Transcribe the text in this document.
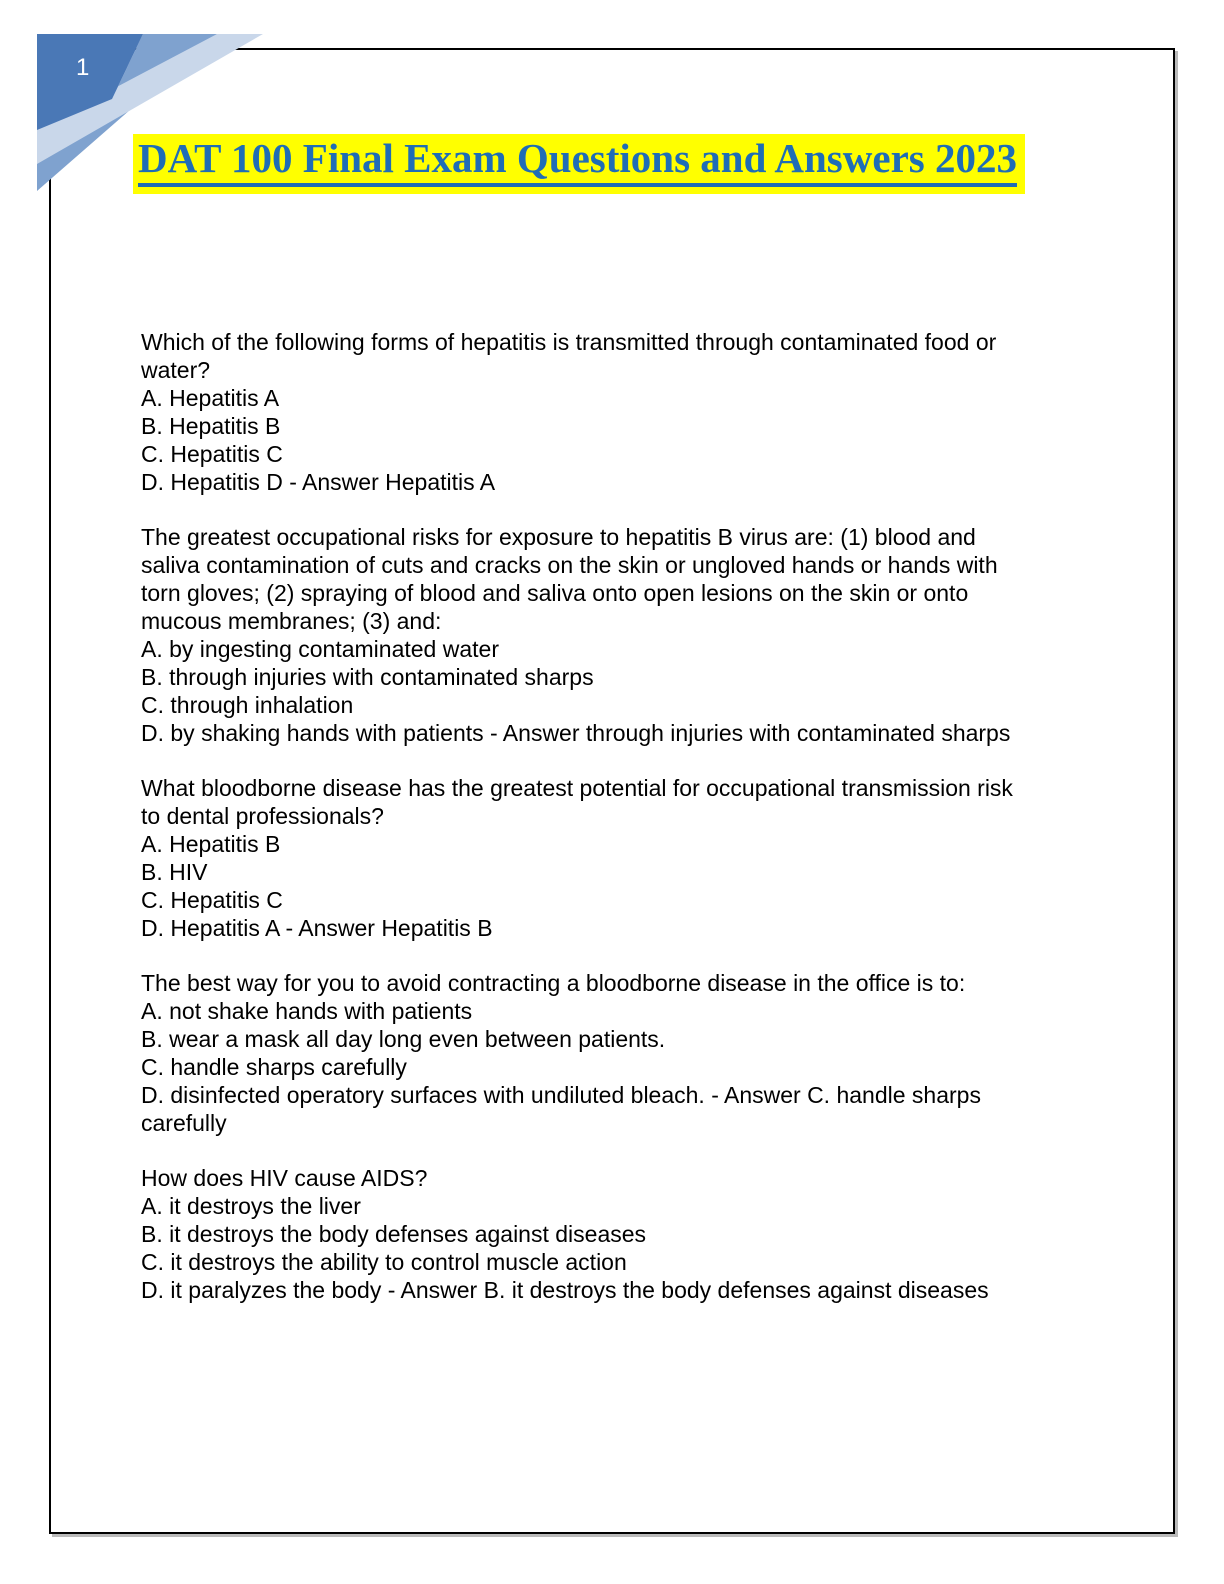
1
DAT 100 Final Exam Questions and Answers 2023
Which of the following forms of hepatitis is transmitted through contaminated food or
water?
A. Hepatitis A
B. Hepatitis B
C. Hepatitis C
D. Hepatitis D - Answer Hepatitis A
The greatest occupational risks for exposure to hepatitis B virus are: (1) blood and
saliva contamination of cuts and cracks on the skin or ungloved hands or hands with
torn gloves; (2) spraying of blood and saliva onto open lesions on the skin or onto
mucous membranes; (3) and:
A. by ingesting contaminated water
B. through injuries with contaminated sharps
C. through inhalation
D. by shaking hands with patients - Answer through injuries with contaminated sharps
What bloodborne disease has the greatest potential for occupational transmission risk
to dental professionals?
A. Hepatitis B
B. HIV
C. Hepatitis C
D. Hepatitis A - Answer Hepatitis B
The best way for you to avoid contracting a bloodborne disease in the office is to:
A. not shake hands with patients
B. wear a mask all day long even between patients.
C. handle sharps carefully
D. disinfected operatory surfaces with undiluted bleach. - Answer C. handle sharps
carefully
How does HIV cause AIDS?
A. it destroys the liver
B. it destroys the body defenses against diseases
C. it destroys the ability to control muscle action
D. it paralyzes the body - Answer B. it destroys the body defenses against diseases
